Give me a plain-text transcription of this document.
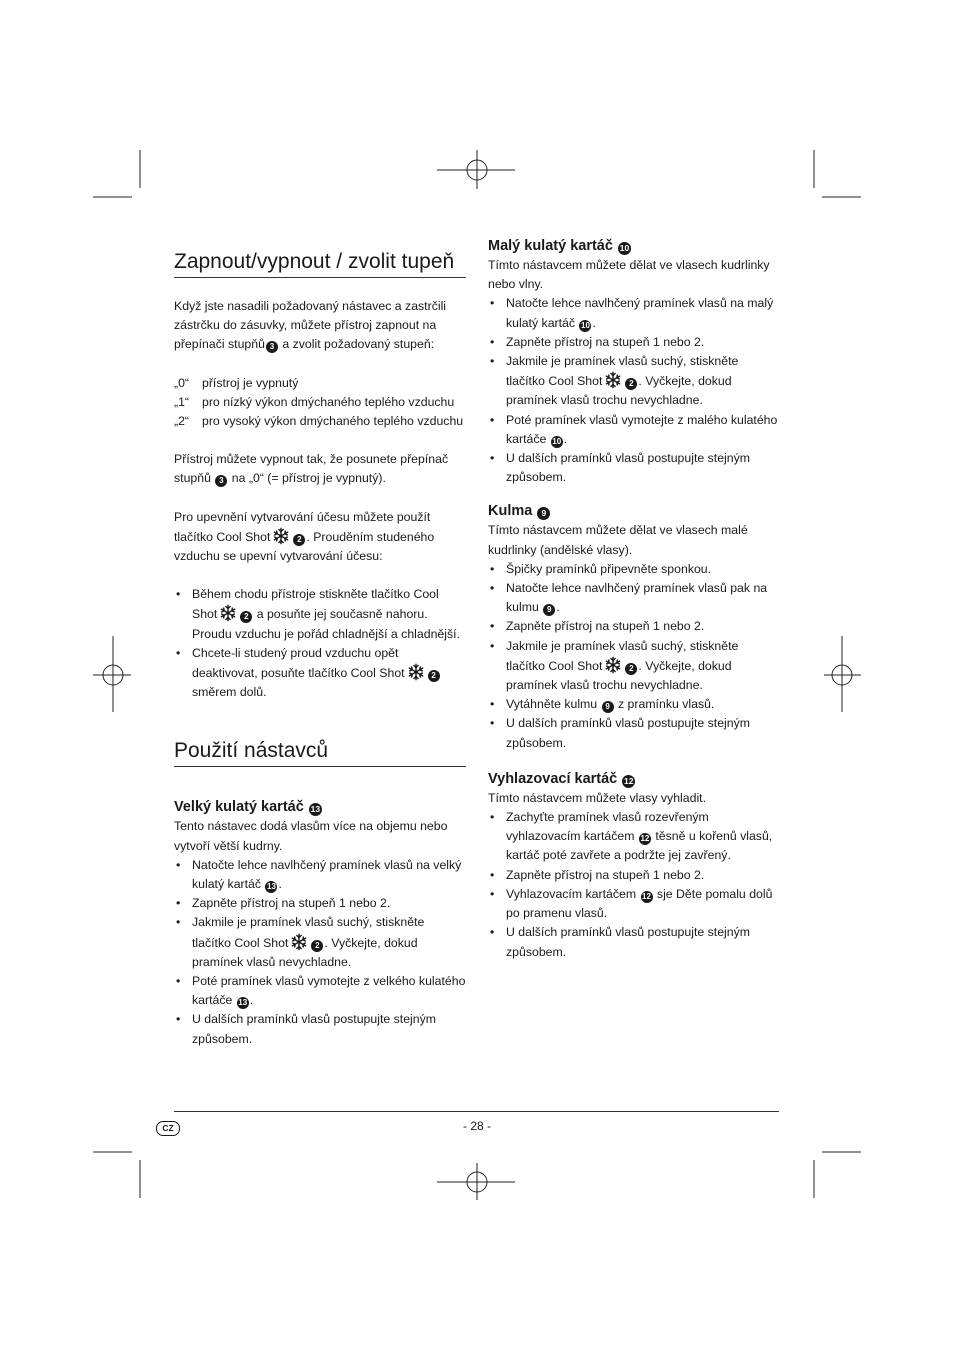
Zapnout/vypnout / zvolit tupeň

Když jste nasadili požadovaný nástavec a zastrčili zástrčku do zásuvky, můžete přístroj zapnout na přepínači stupňů 3 a zvolit požadovaný stupeň:

„0“	přístroj je vypnutý
„1“	pro nízký výkon dmýchaného teplého vzduchu
„2“	pro vysoký výkon dmýchaného teplého vzduchu

Přístroj můžete vypnout tak, že posunete přepínač stupňů 3 na „0“ (= přístroj je vypnutý).

Pro upevnění vytvarování účesu můžete použít tlačítko Cool Shot	2 . Prouděním studeného vzduchu se upevní vytvarování účesu:

• Během chodu přístroje stiskněte tlačítko Cool Shot	2 a posuňte jej současně nahoru. Proudu vzduchu je pořád chladnější a chladnější.
• Chcete-li studený proud vzduchu opět deaktivovat, posuňte tlačítko Cool Shot	2 směrem dolů.
Použití nástavců
Velký kulatý kartáč 13

Tento nástavec dodá vlasům více na objemu nebo vytvoří větší kudrny.

• Natočte lehce navlhčený pramínek vlasů na velký kulatý kartáč 13 .
• Zapněte přístroj na stupeň 1 nebo 2.
• Jakmile je pramínek vlasů suchý, stiskněte tlačítko Cool Shot	2 . Vyčkejte, dokud pramínek vlasů nevychladne.
• Poté pramínek vlasů vymotejte z velkého kulatého kartáče 13 .
• U dalších pramínků vlasů postupujte stejným způsobem.
Malý kulatý kartáč 10

Tímto nástavcem můžete dělat ve vlasech kudrlinky nebo vlny.

• Natočte lehce navlhčený pramínek vlasů na malý kulatý kartáč 10 .
• Zapněte přístroj na stupeň 1 nebo 2.
• Jakmile je pramínek vlasů suchý, stiskněte tlačítko Cool Shot	2 . Vyčkejte, dokud pramínek vlasů trochu nevychladne.
• Poté pramínek vlasů vymotejte z malého kulatého kartáče 10 .
• U dalších pramínků vlasů postupujte stejným způsobem.
Kulma 9

Tímto nástavcem můžete dělat ve vlasech malé kudrlinky (andělské vlasy).

• Špičky pramínků připevněte sponkou.
• Natočte lehce navlhčený pramínek vlasů pak na kulmu 9 .
• Zapněte přístroj na stupeň 1 nebo 2.
• Jakmile je pramínek vlasů suchý, stiskněte tlačítko Cool Shot	2 . Vyčkejte, dokud pramínek vlasů trochu nevychladne.
• Vytáhněte kulmu 9 z pramínku vlasů.
• U dalších pramínků vlasů postupujte stejným způsobem.
Vyhlazovací kartáč 12

Tímto nástavcem můžete vlasy vyhladit.

• Zachyťte pramínek vlasů rozevřeným vyhlazovacím kartáčem 12 těsně u kořenů vlasů, kartáč poté zavřete a podržte jej zavřený.
• Zapněte přístroj na stupeň 1 nebo 2.
• Vyhlazovacím kartáčem 12 sje Děte pomalu dolů po pramenu vlasů.
• U dalších pramínků vlasů postupujte stejným způsobem.
CZ	- 28 -
